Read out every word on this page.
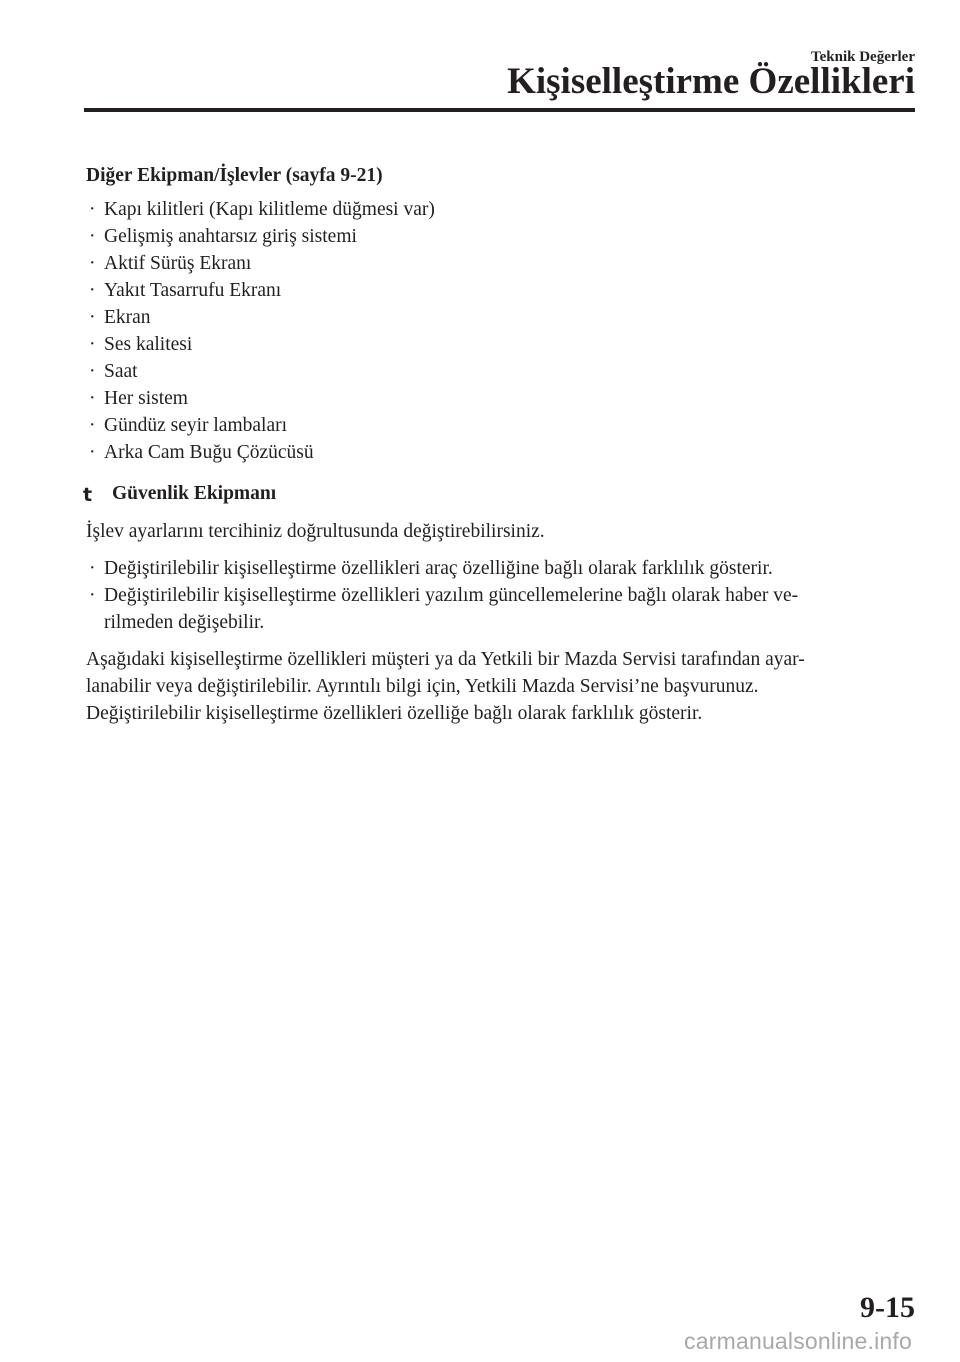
Teknik Değerler
Kişiselleştirme Özellikleri
Diğer Ekipman/İşlevler (sayfa 9-21)
· Kapı kilitleri (Kapı kilitleme düğmesi var)
· Gelişmiş anahtarsız giriş sistemi
· Aktif Sürüş Ekranı
· Yakıt Tasarrufu Ekranı
· Ekran
· Ses kalitesi
· Saat
· Her sistem
· Gündüz seyir lambaları
· Arka Cam Buğu Çözücüsü
t Güvenlik Ekipmanı
İşlev ayarlarını tercihiniz doğrultusunda değiştirebilirsiniz.
· Değiştirilebilir kişiselleştirme özellikleri araç özelliğine bağlı olarak farklılık gösterir.
· Değiştirilebilir kişiselleştirme özellikleri yazılım güncellemelerine bağlı olarak haber ve-
rilmeden değişebilir.
Aşağıdaki kişiselleştirme özellikleri müşteri ya da Yetkili bir Mazda Servisi tarafından ayar-
lanabilir veya değiştirilebilir. Ayrıntılı bilgi için, Yetkili Mazda Servisi’ne başvurunuz.
Değiştirilebilir kişiselleştirme özellikleri özelliğe bağlı olarak farklılık gösterir.
9-15
carmanualsonline.info
